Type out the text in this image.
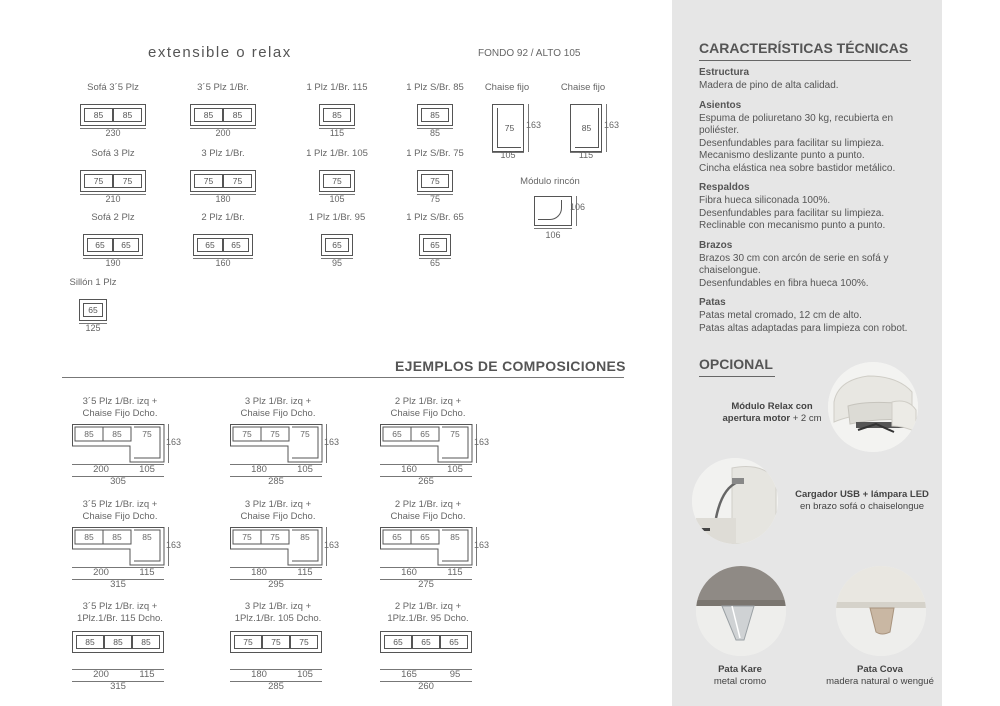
extensible o relax	FONDO 92 / ALTO 105
Sofá 3´5 Plz
85	85
230
3´5 Plz 1/Br.
85	85
200
1 Plz 1/Br. 115
85
115
1 Plz S/Br. 85
85
85
Sofá 3 Plz
75	75
210
3 Plz 1/Br.
75	75
180
1 Plz 1/Br. 105
75
105
1 Plz S/Br. 75
75
75
Sofá 2 Plz
65	65
190
2 Plz 1/Br.
65	65
160
1 Plz 1/Br. 95
65
95
1 Plz S/Br. 65
65
65
Sillón 1 Plz
65
125
Chaise fijo
75 163
105
Chaise fijo
85 163
115
Módulo rincón
106
106
EJEMPLOS DE COMPOSICIONES
3´5 Plz 1/Br. izq +
Chaise Fijo Dcho.
85	85	75
163
200	105
305
3 Plz 1/Br. izq +
Chaise Fijo Dcho.
75	75	75
163
180	105
285
2 Plz 1/Br. izq +
Chaise Fijo Dcho.
65	65	75
163
160	105
265
3´5 Plz 1/Br. izq +
Chaise Fijo Dcho.
85	85	85
163
200	115
315
3 Plz 1/Br. izq +
Chaise Fijo Dcho.
75	75	85
163
180	115
295
2 Plz 1/Br. izq +
Chaise Fijo Dcho.
65	65	85
163
160	115
275
3´5 Plz 1/Br. izq +
1Plz.1/Br. 115 Dcho.
85	85	85
200	115
315
3 Plz 1/Br. izq +
1Plz.1/Br. 105 Dcho.
75	75	75
180	105
285
2 Plz 1/Br. izq +
1Plz.1/Br. 95 Dcho.
65	65	65
165	95
260
CARACTERÍSTICAS TÉCNICAS
Estructura
Madera de pino de alta calidad.
Asientos
Espuma de poliuretano 30 kg, recubierta en
poliéster.
Desenfundables para facilitar su limpieza.
Mecanismo deslizante punto a punto.
Cincha elástica nea sobre bastidor metálico.
Respaldos
Fibra hueca siliconada 100%.
Desenfundables para facilitar su limpieza.
Reclinable con mecanismo punto a punto.
Brazos
Brazos 30 cm con arcón de serie en sofá y
chaiselongue.
Desenfundables en fibra hueca 100%.
Patas
Patas metal cromado, 12 cm de alto.
Patas altas adaptadas para limpieza con robot.
OPCIONAL
Módulo Relax con
apertura motor + 2 cm
Cargador USB + lámpara LED
en brazo sofá o chaiselongue
Pata Kare
metal cromo
Pata Cova
madera natural o wengué
